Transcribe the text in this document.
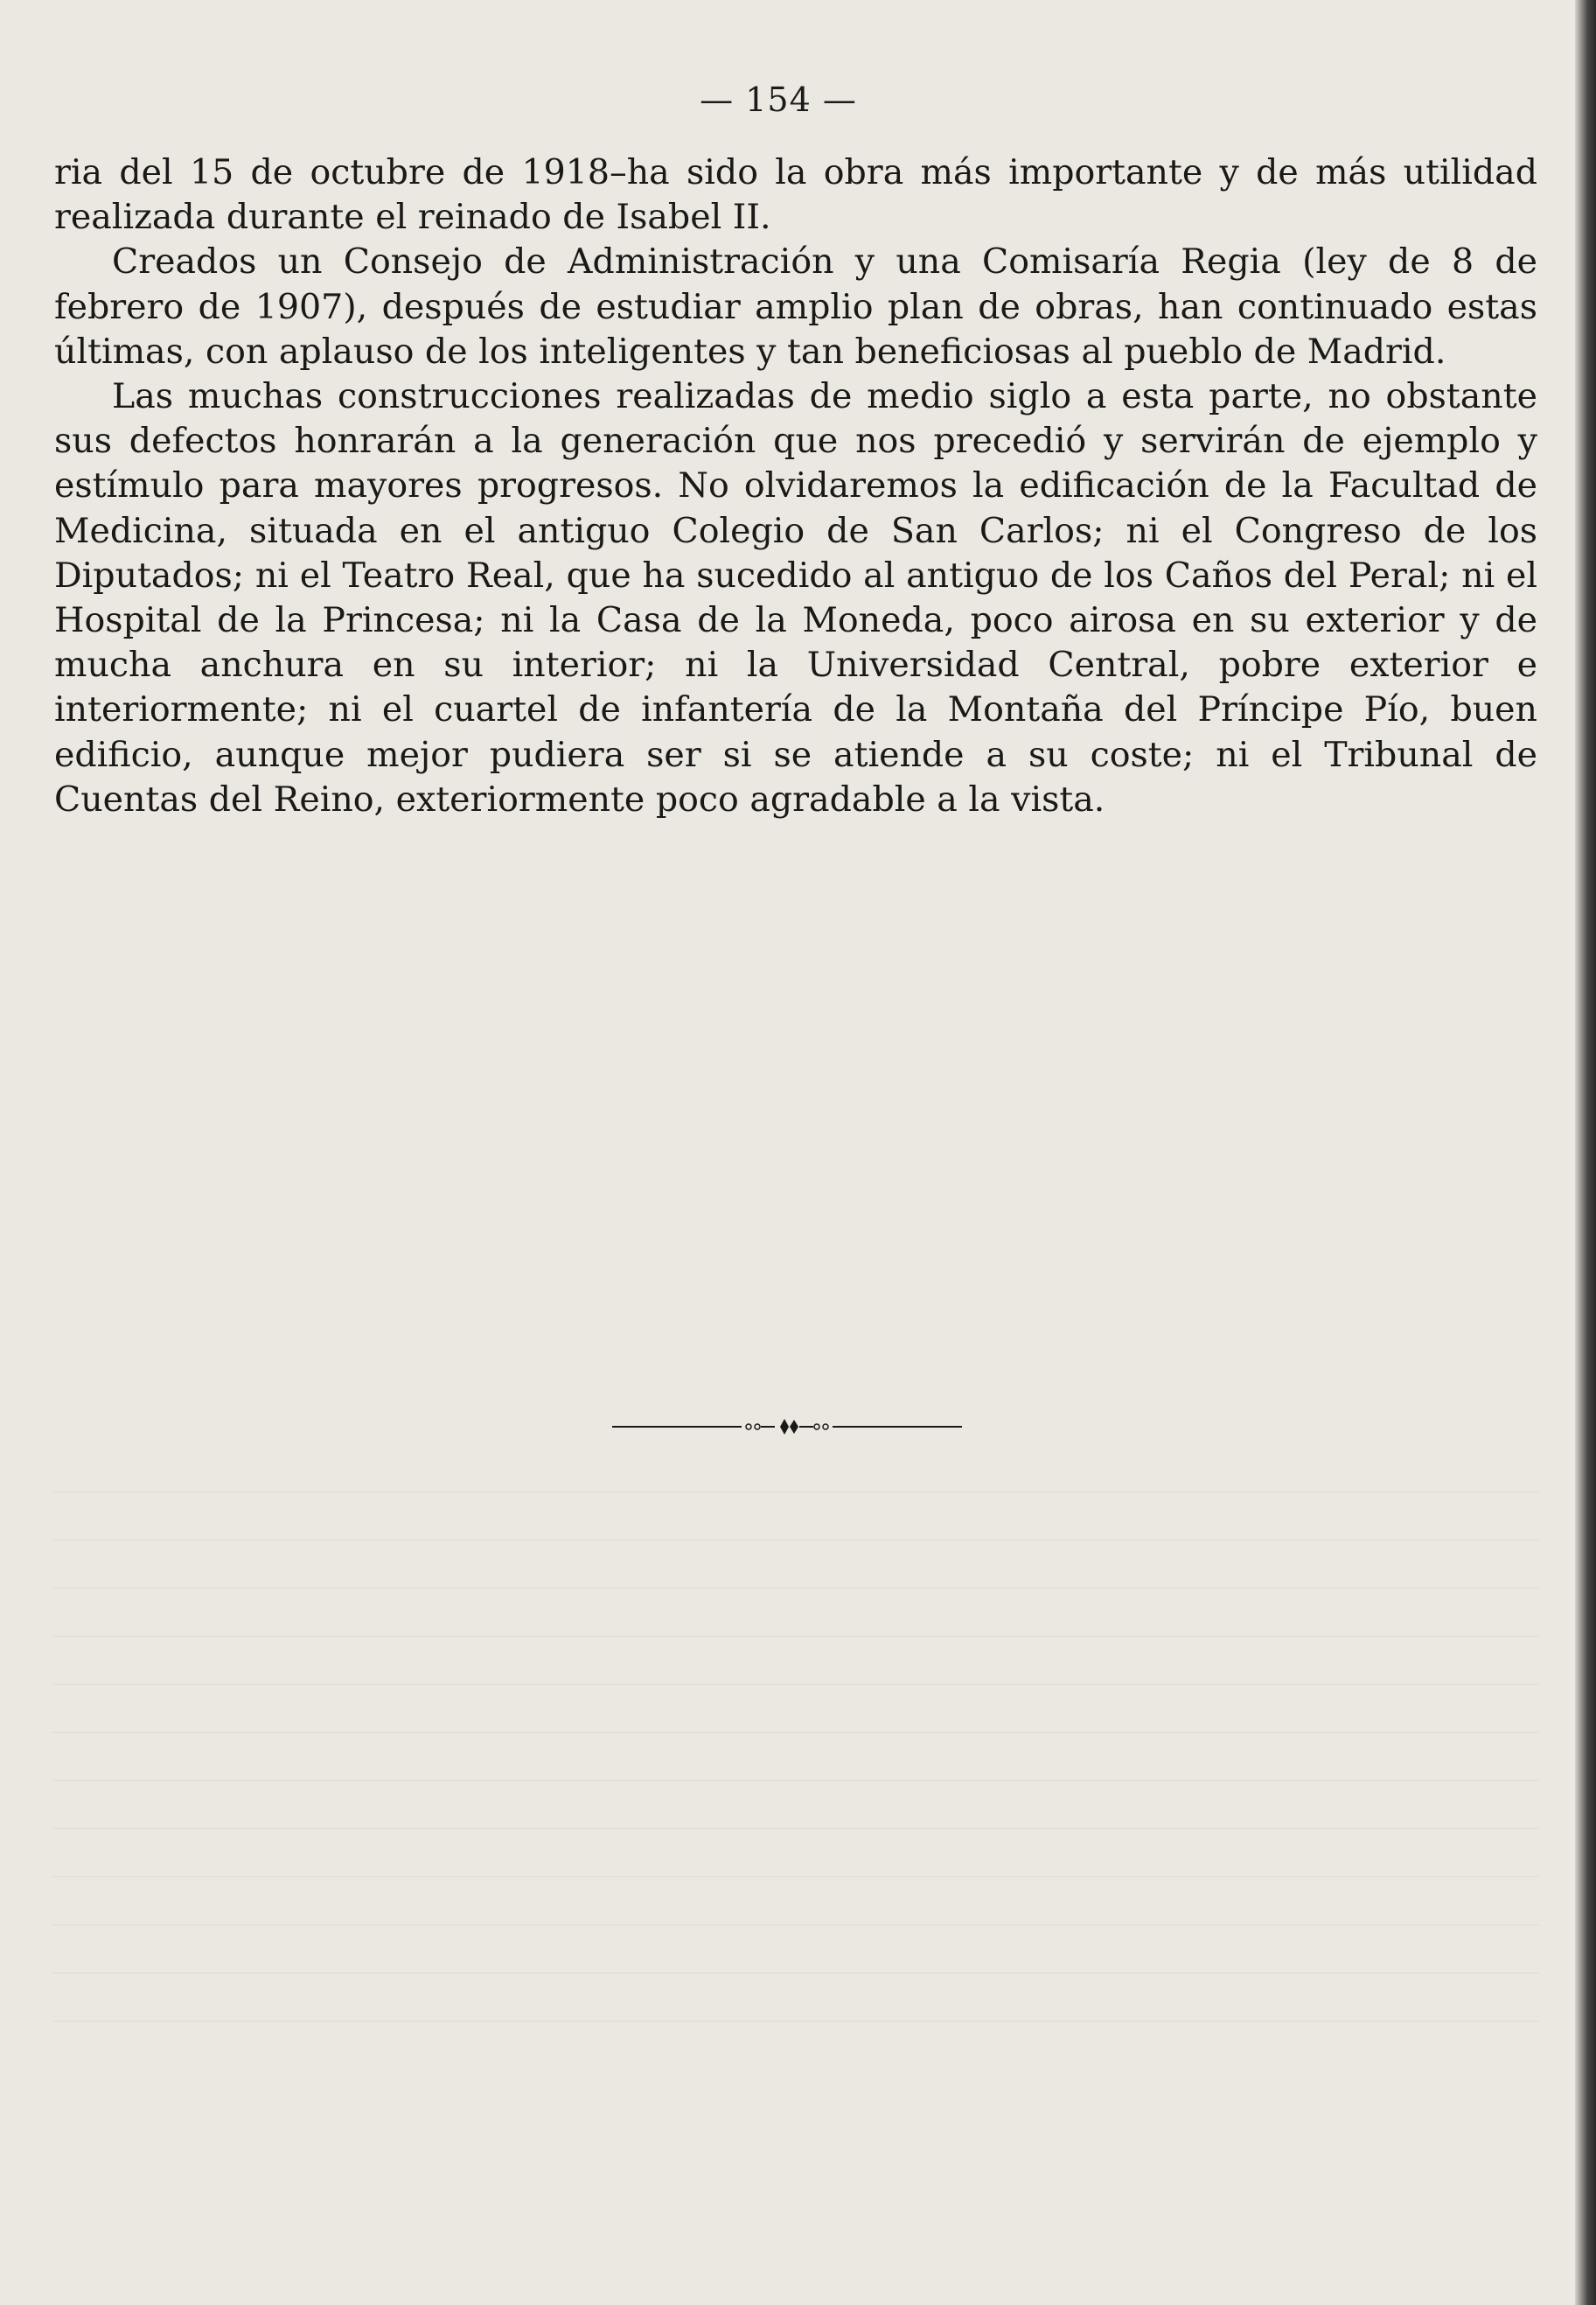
— 154 —

ria del 15 de octubre de 1918–ha sido la obra más importante y de más utilidad realizada durante el reinado de Isabel II.

Creados un Consejo de Administración y una Comisaría Regia (ley de 8 de febrero de 1907), después de estudiar amplio plan de obras, han continuado estas últimas, con aplauso de los inteligentes y tan beneficiosas al pueblo de Madrid.

Las muchas construcciones realizadas de medio siglo a esta parte, no obstante sus defectos honrarán a la generación que nos precedió y servirán de ejemplo y estímulo para mayores progresos. No olvidaremos la edificación de la Facultad de Medicina, situada en el antiguo Colegio de San Carlos; ni el Congreso de los Diputados; ni el Teatro Real, que ha sucedido al antiguo de los Caños del Peral; ni el Hospital de la Princesa; ni la Casa de la Moneda, poco airosa en su exterior y de mucha anchura en su interior; ni la Universidad Central, pobre exterior e interiormente; ni el cuartel de infantería de la Montaña del Príncipe Pío, buen edificio, aunque mejor pudiera ser si se atiende a su coste; ni el Tribunal de Cuentas del Reino, exteriormente poco agradable a la vista.
